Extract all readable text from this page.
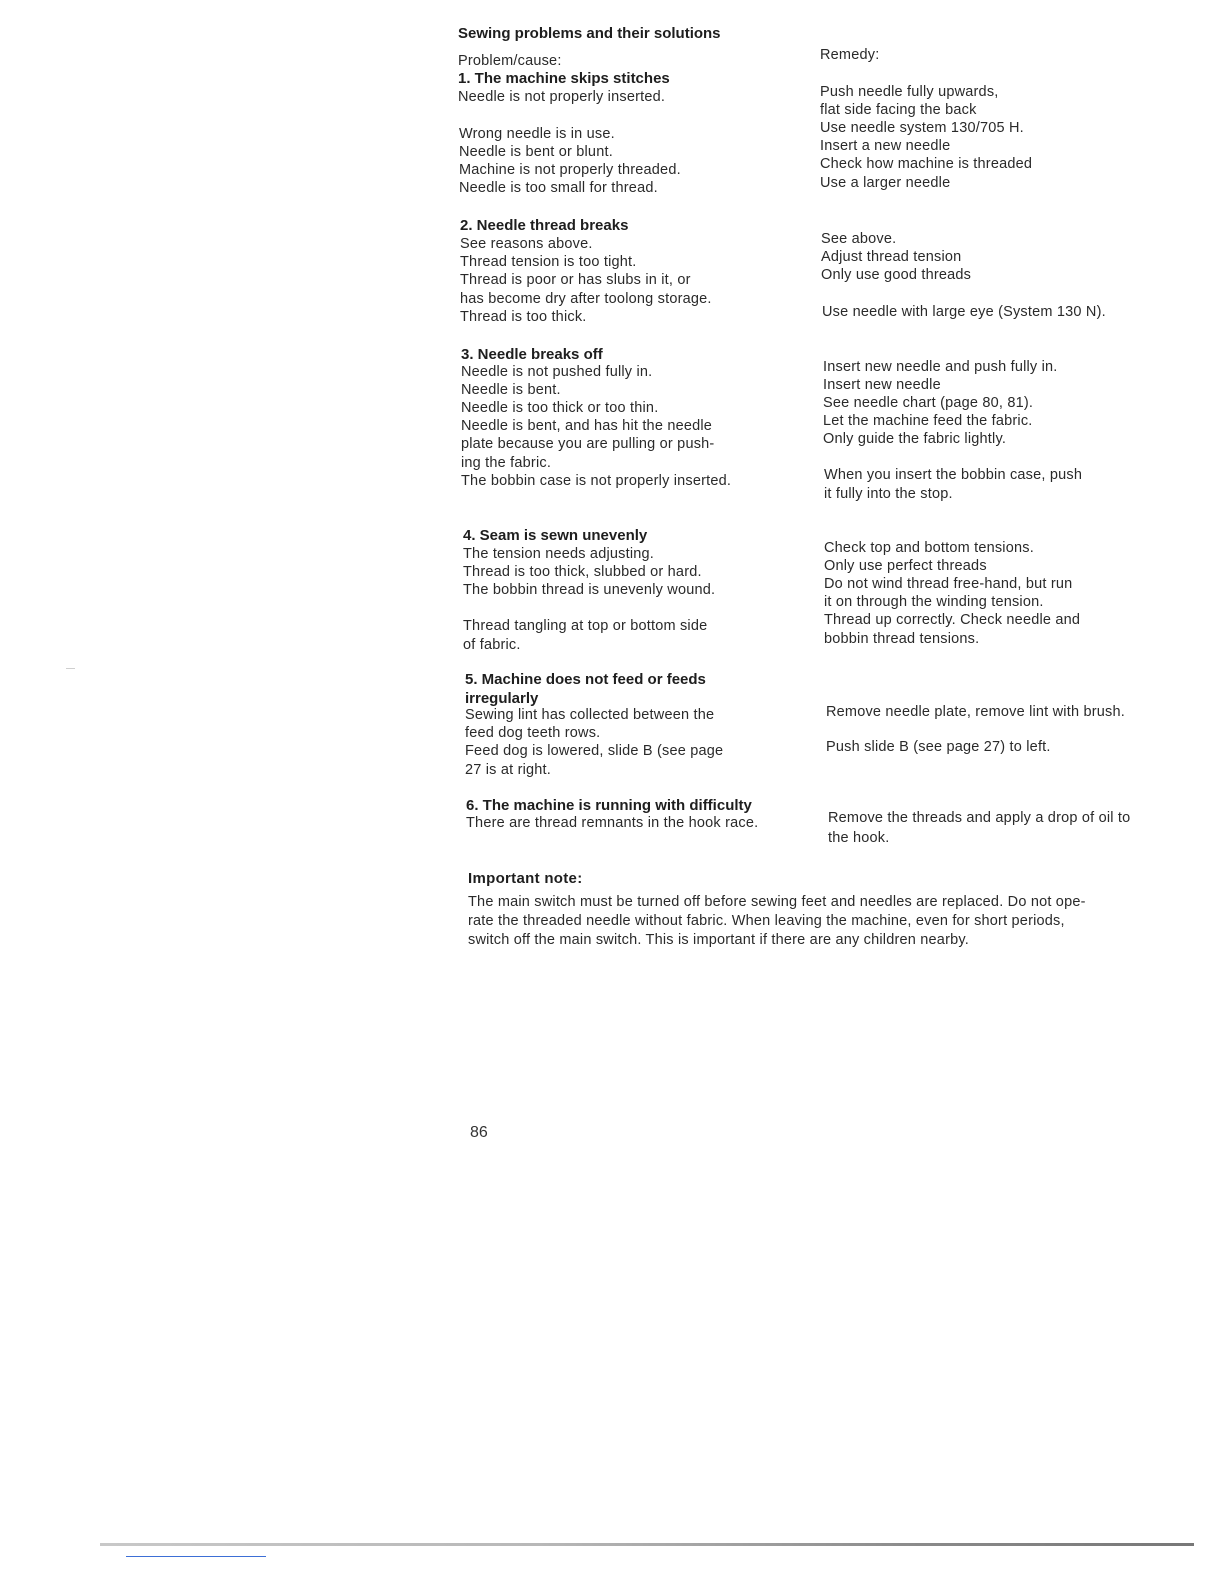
Sewing problems and their solutions
Problem/cause:	Remedy:
1. The machine skips stitches
Needle is not properly inserted.
Wrong needle is in use.
Needle is bent or blunt.
Machine is not properly threaded.
Needle is too small for thread.
Push needle fully upwards,
flat side facing the back
Use needle system 130/705 H.
Insert a new needle
Check how machine is threaded
Use a larger needle
2. Needle thread breaks
See reasons above.
Thread tension is too tight.
Thread is poor or has slubs in it, or
has become dry after toolong storage.
Thread is too thick.
See above.
Adjust thread tension
Only use good threads
Use needle with large eye (System 130 N).
3. Needle breaks off
Needle is not pushed fully in.
Needle is bent.
Needle is too thick or too thin.
Needle is bent, and has hit the needle
plate because you are pulling or push-
ing the fabric.
The bobbin case is not properly inserted.
Insert new needle and push fully in.
Insert new needle
See needle chart (page 80, 81).
Let the machine feed the fabric.
Only guide the fabric lightly.
When you insert the bobbin case, push
it fully into the stop.
4. Seam is sewn unevenly
The tension needs adjusting.
Thread is too thick, slubbed or hard.
The bobbin thread is unevenly wound.
Thread tangling at top or bottom side
of fabric.
Check top and bottom tensions.
Only use perfect threads
Do not wind thread free-hand, but run
it on through the winding tension.
Thread up correctly. Check needle and
bobbin thread tensions.
5. Machine does not feed or feeds
irregularly
Sewing lint has collected between the
feed dog teeth rows.
Feed dog is lowered, slide B (see page
27 is at right.
Remove needle plate, remove lint with brush.
Push slide B (see page 27) to left.
6. The machine is running with difficulty
There are thread remnants in the hook race.	Remove the threads and apply a drop of oil to
the hook.
Important note:
The main switch must be turned off before sewing feet and needles are replaced. Do not ope-
rate the threaded needle without fabric. When leaving the machine, even for short periods,
switch off the main switch. This is important if there are any children nearby.
86
